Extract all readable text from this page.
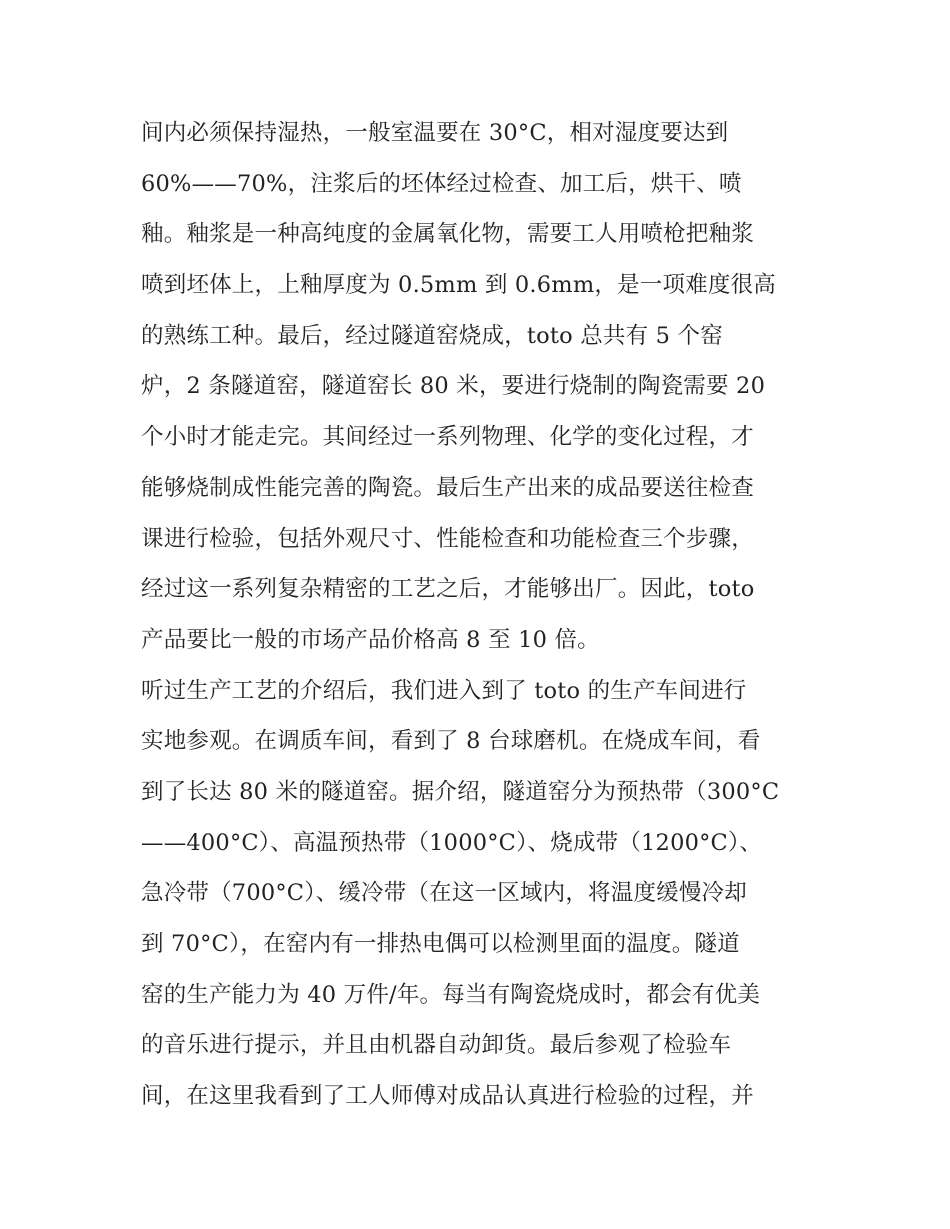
间内必须保持湿热，一般室温要在 30°C，相对湿度要达到
60%——70%，注浆后的坯体经过检查、加工后，烘干、喷
釉。釉浆是一种高纯度的金属氧化物，需要工人用喷枪把釉浆
喷到坯体上，上釉厚度为 0.5mm 到 0.6mm，是一项难度很高
的熟练工种。最后，经过隧道窑烧成，toto 总共有 5 个窑
炉，2 条隧道窑，隧道窑长 80 米，要进行烧制的陶瓷需要 20
个小时才能走完。其间经过一系列物理、化学的变化过程，才
能够烧制成性能完善的陶瓷。最后生产出来的成品要送往检查
课进行检验，包括外观尺寸、性能检查和功能检查三个步骤，
经过这一系列复杂精密的工艺之后，才能够出厂。因此，toto
产品要比一般的市场产品价格高 8 至 10 倍。
听过生产工艺的介绍后，我们进入到了 toto 的生产车间进行
实地参观。在调质车间，看到了 8 台球磨机。在烧成车间，看
到了长达 80 米的隧道窑。据介绍，隧道窑分为预热带（300°C
——400°C）、高温预热带（1000°C）、烧成带（1200°C）、
急冷带（700°C）、缓冷带（在这一区域内，将温度缓慢冷却
到 70°C），在窑内有一排热电偶可以检测里面的温度。隧道
窑的生产能力为 40 万件/年。每当有陶瓷烧成时，都会有优美
的音乐进行提示，并且由机器自动卸货。最后参观了检验车
间，在这里我看到了工人师傅对成品认真进行检验的过程，并
